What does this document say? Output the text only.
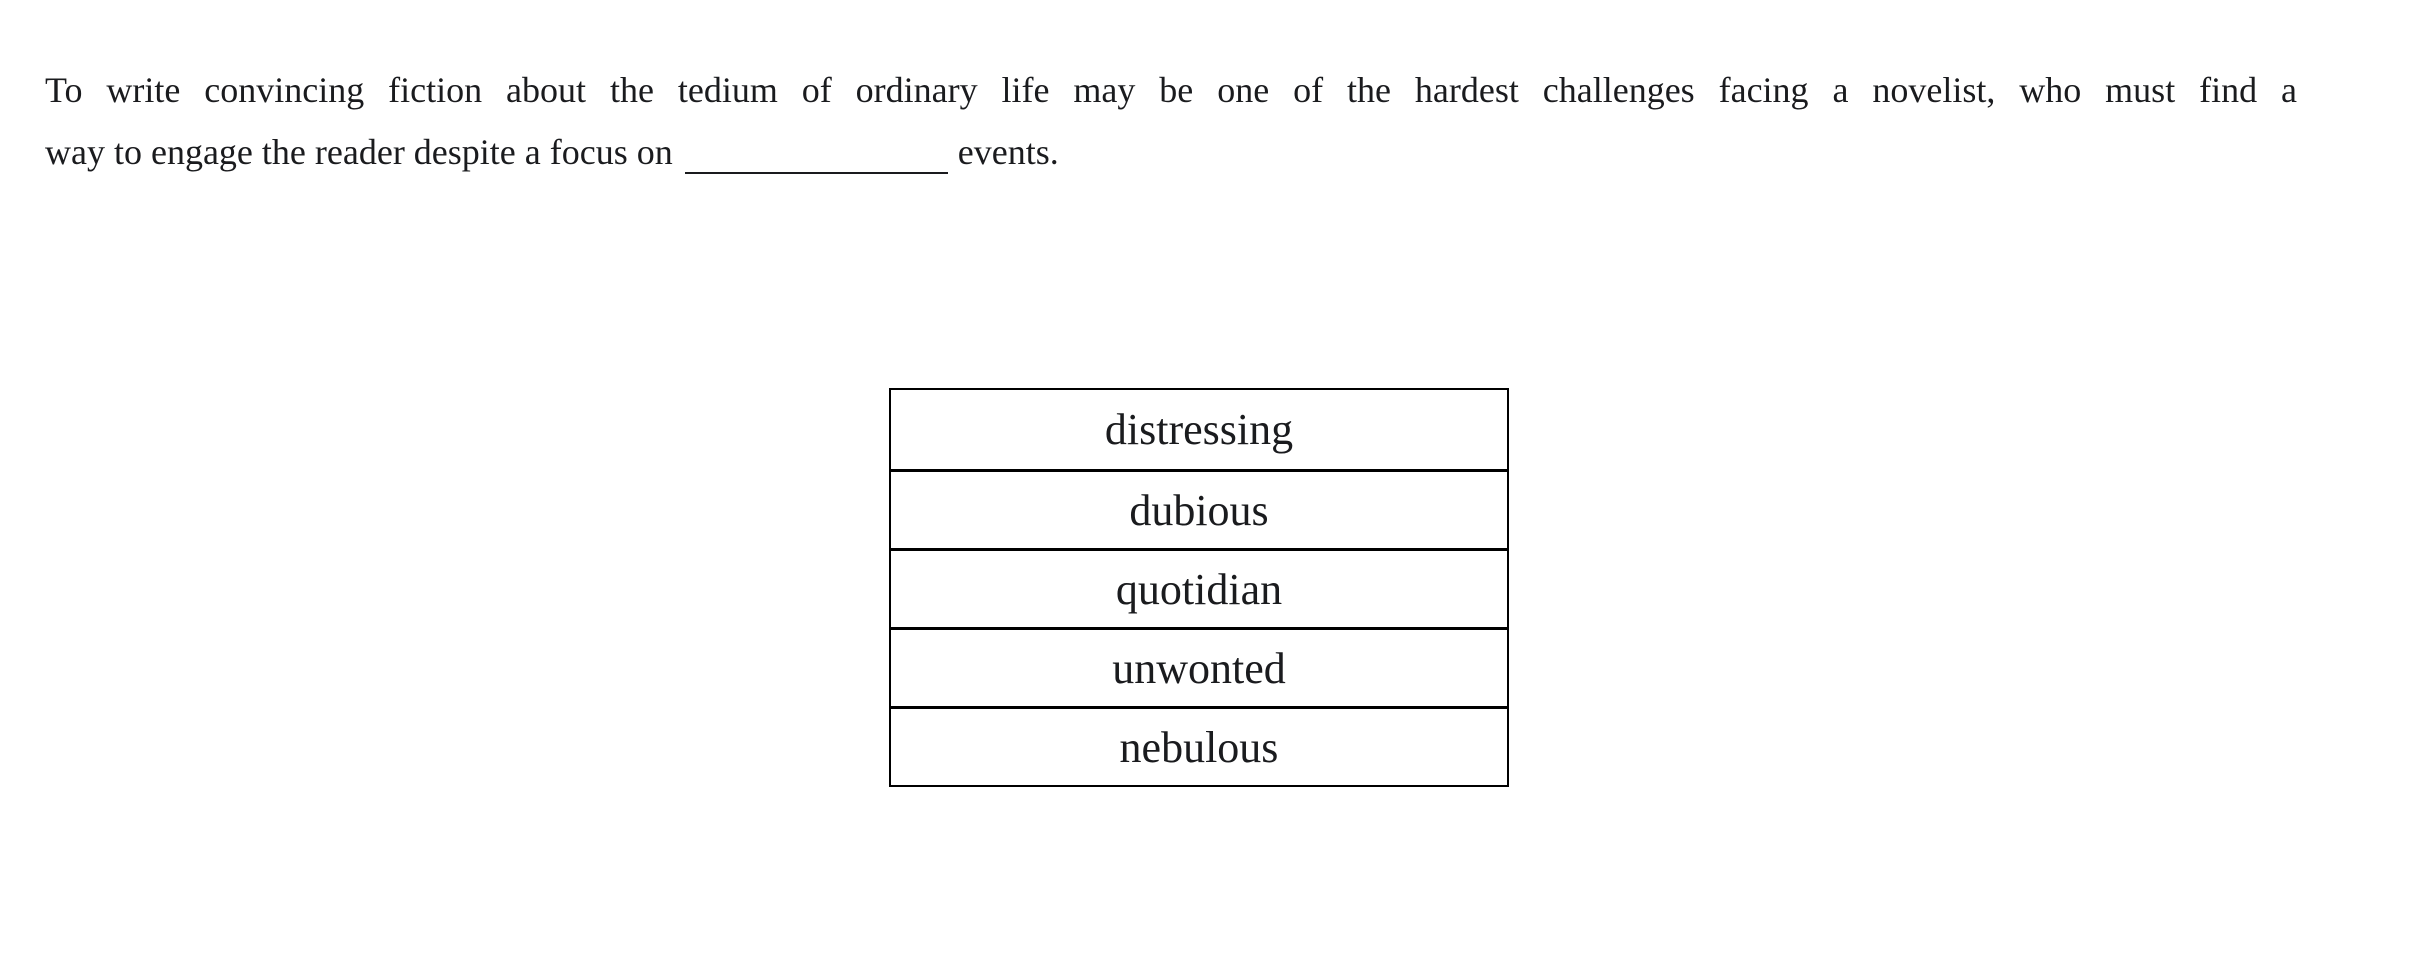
To write convincing fiction about the tedium of ordinary life may be one of the hardest challenges facing a novelist, who must find a
way to engage the reader despite a focus on	events.

distressing
dubious
quotidian
unwonted
nebulous
